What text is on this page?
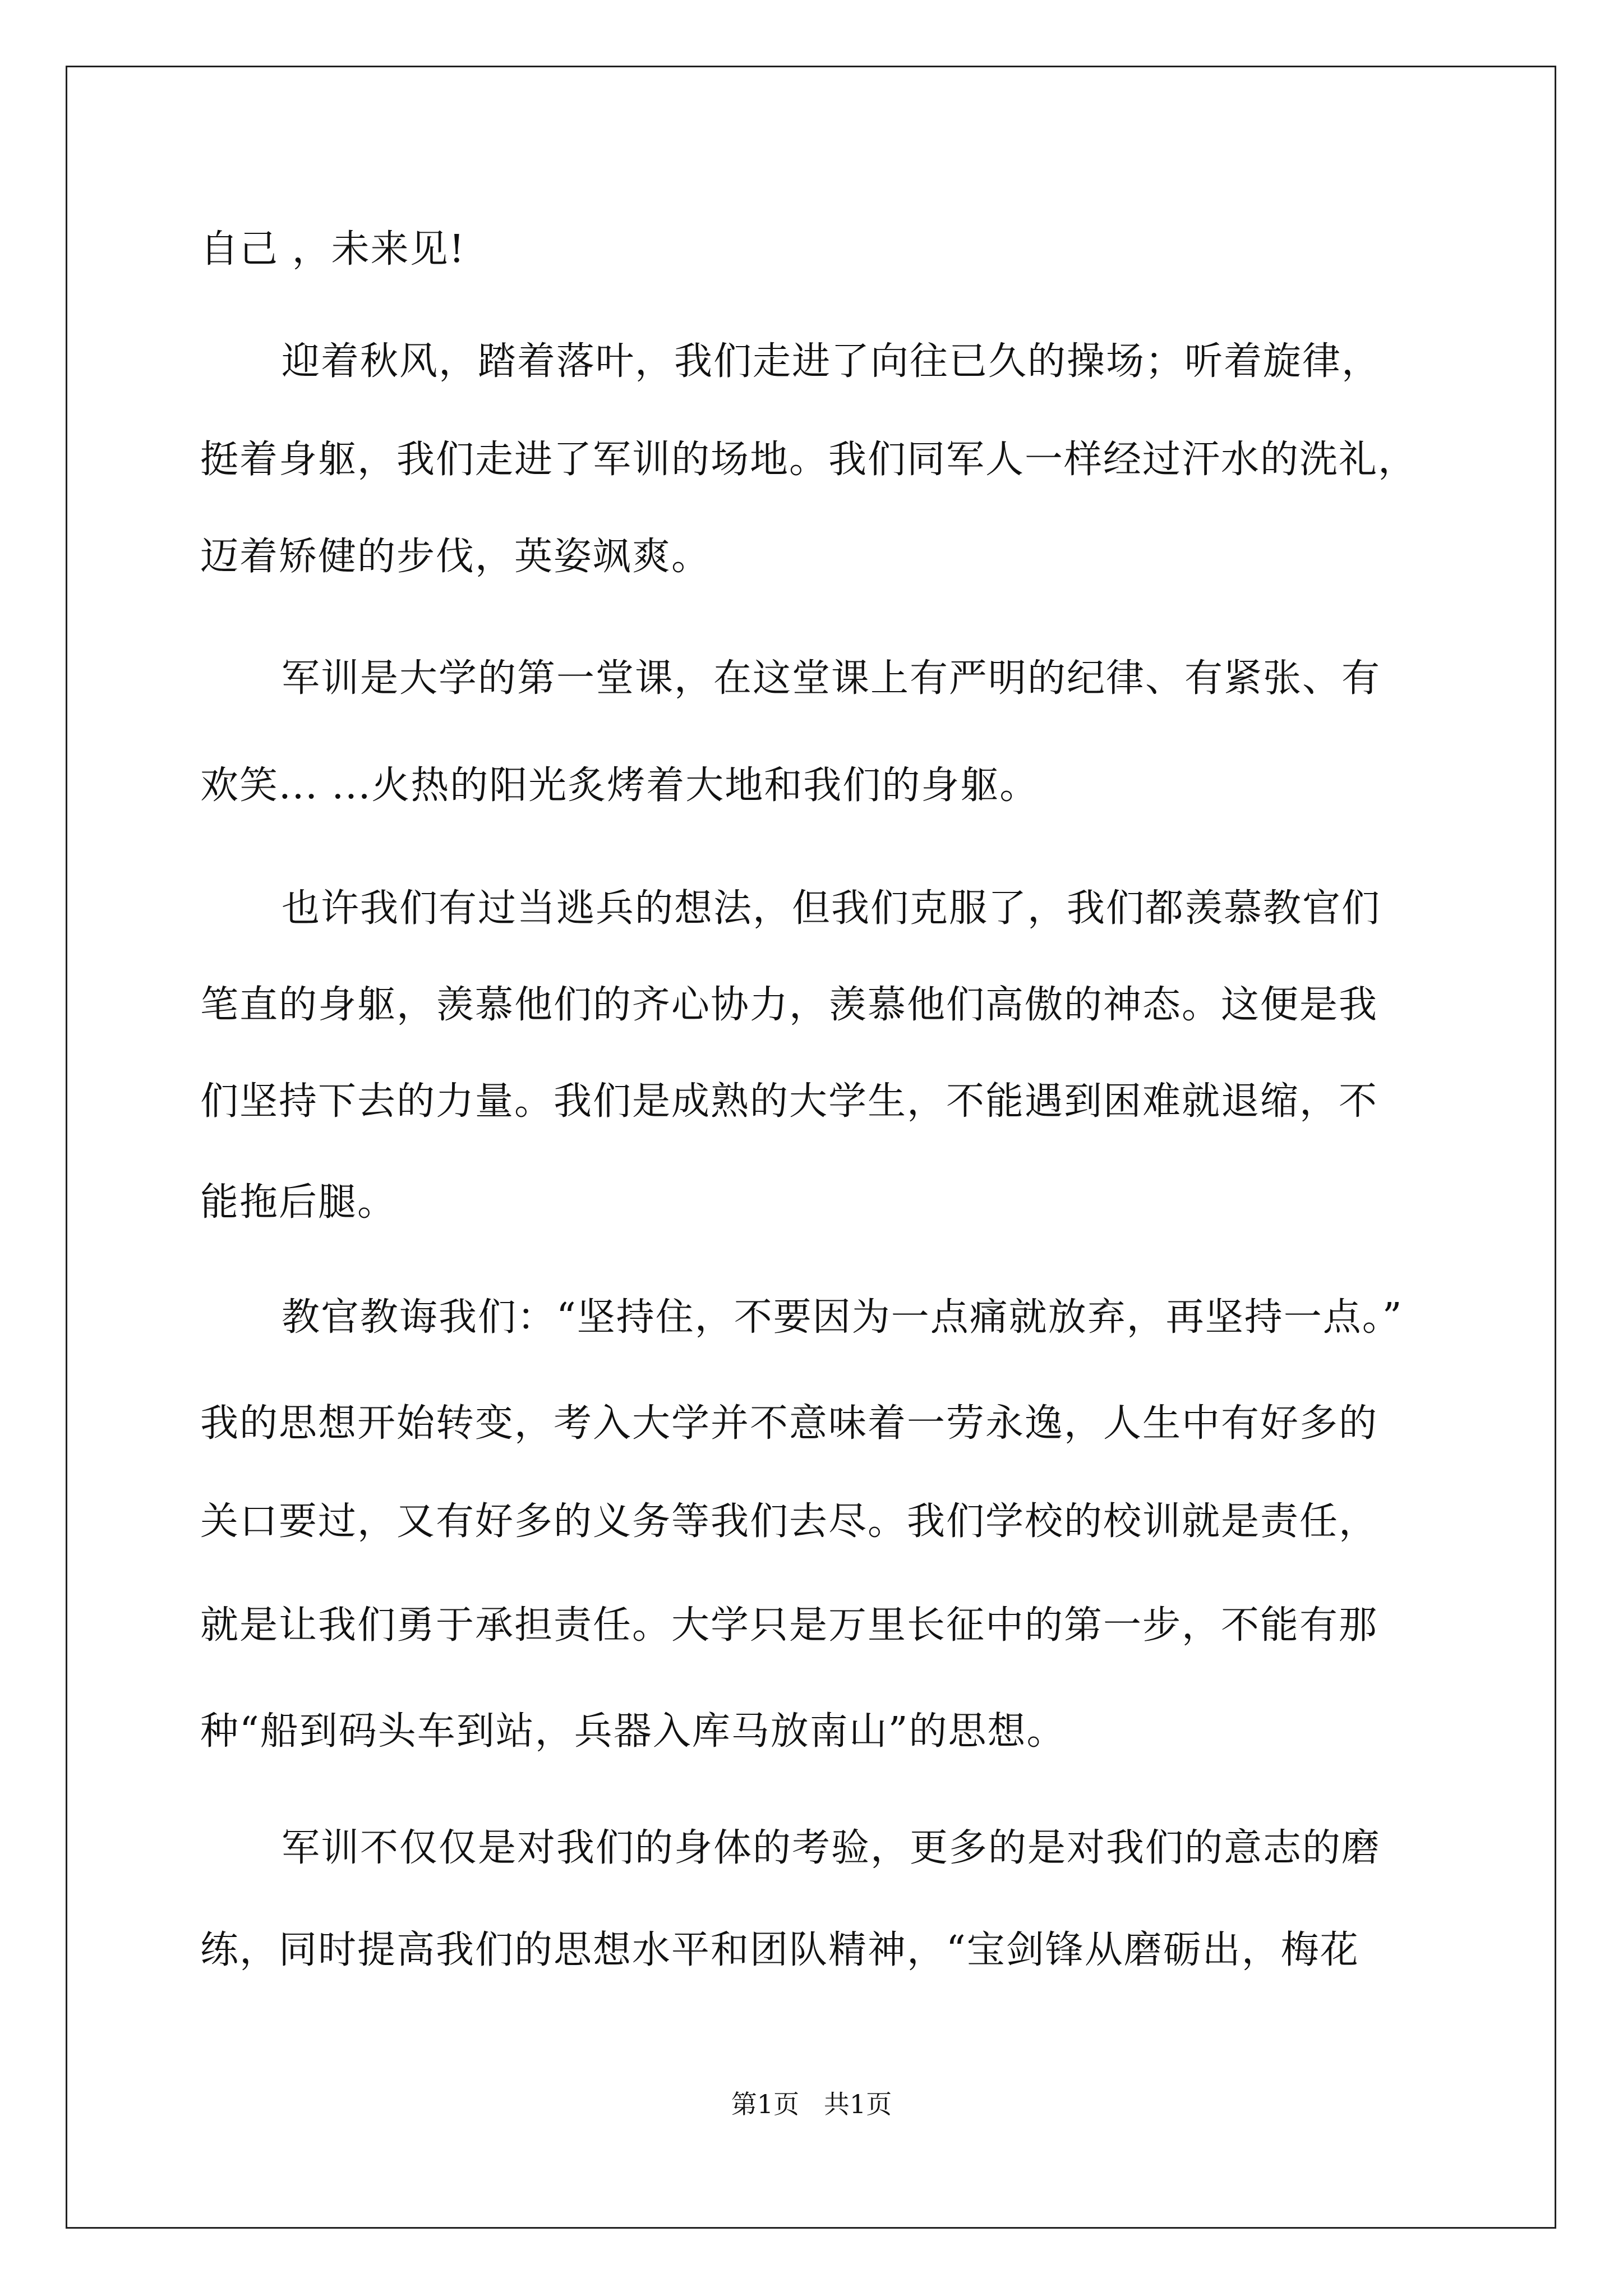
自己 ，未来见!
迎着秋风，踏着落叶，我们走进了向往已久的操场；听着旋律，
挺着身躯，我们走进了军训的场地。我们同军人一样经过汗水的洗礼，
迈着矫健的步伐，英姿飒爽。
军训是大学的第一堂课，在这堂课上有严明的纪律、有紧张、有
欢笑... ...火热的阳光炙烤着大地和我们的身躯。
也许我们有过当逃兵的想法，但我们克服了，我们都羡慕教官们
笔直的身躯，羡慕他们的齐心协力，羡慕他们高傲的神态。这便是我
们坚持下去的力量。我们是成熟的大学生，不能遇到困难就退缩，不
能拖后腿。
教官教诲我们：“坚持住，不要因为一点痛就放弃，再坚持一点。”
我的思想开始转变，考入大学并不意味着一劳永逸，人生中有好多的
关口要过，又有好多的义务等我们去尽。我们学校的校训就是责任，
就是让我们勇于承担责任。大学只是万里长征中的第一步，不能有那
种“船到码头车到站，兵器入库马放南山”的思想。
军训不仅仅是对我们的身体的考验，更多的是对我们的意志的磨
练，同时提高我们的思想水平和团队精神，“宝剑锋从磨砺出，梅花
第1页   共1页
